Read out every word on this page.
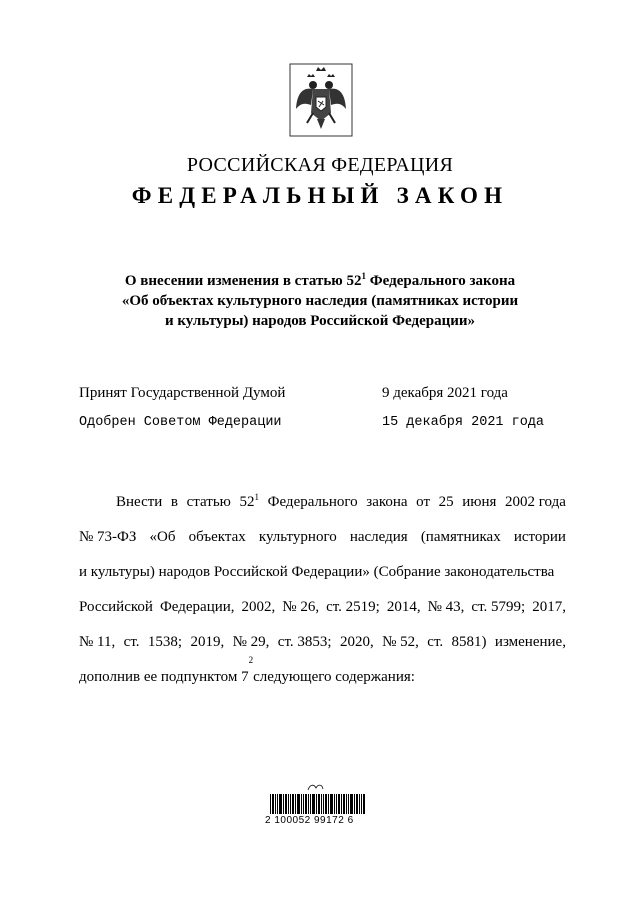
РОССИЙСКАЯ ФЕДЕРАЦИЯ
ФЕДЕРАЛЬНЫЙ ЗАКОН
О внесении изменения в статью $52^1$ Федерального закона
«Об объектах культурного наследия (памятниках истории
и культуры) народов Российской Федерации»
Принят Государственной Думой	9 декабря 2021 года
Одобрен Советом Федерации	15 декабря 2021 года
Внести в статью $52^1$ Федерального закона от 25 июня 2002 года
№ 73-ФЗ «Об объектах культурного наследия (памятниках истории
и культуры) народов Российской Федерации» (Собрание законодательства
Российской Федерации, 2002, № 26, ст. 2519; 2014, № 43, ст. 5799; 2017,
№ 11, ст. 1538; 2019, № 29, ст. 3853; 2020, № 52, ст. 8581) изменение,
дополнив ее подпунктом 7
2
следующего содержания:
2 100052 99172 6
